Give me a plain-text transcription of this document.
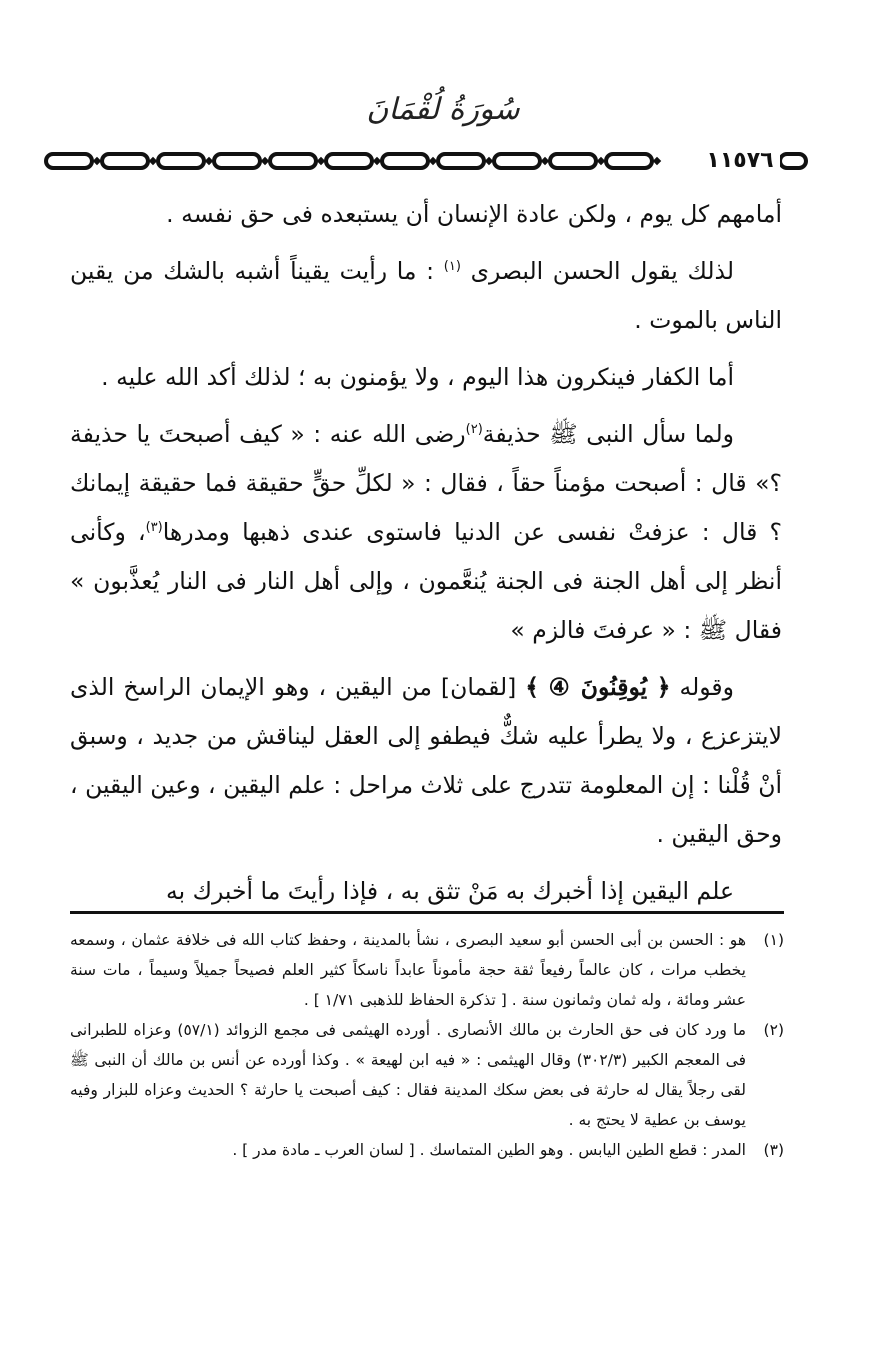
سُورَةُ لُقْمَانَ
١١٥٧٦

أمامهم كل يوم ، ولكن عادة الإنسان أن يستبعده فى حق نفسه .

لذلك يقول الحسن البصرى $^{(١)}$ : ما رأيت يقيناً أشبه بالشك من يقين الناس بالموت .

أما الكفار فينكرون هذا اليوم ، ولا يؤمنون به ؛ لذلك أكد الله عليه .

ولما سأل النبى ﷺ حذيفة$^{(٢)}$رضى الله عنه : « كيف أصبحتَ يا حذيفة ؟» قال : أصبحت مؤمناً حقاً ، فقال : « لكلِّ حقٍّ حقيقة فما حقيقة إيمانك ؟ قال : عزفتْ نفسى عن الدنيا فاستوى عندى ذهبها ومدرها$^{(٣)}$، وكأنى أنظر إلى أهل الجنة فى الجنة يُنعَّمون ، وإلى أهل النار فى النار يُعذَّبون » فقال ﷺ : « عرفتَ فالزم »

وقوله ﴿ يُوقِنُونَ ④ ﴾ [لقمان] من اليقين ، وهو الإيمان الراسخ الذى لايتزعزع ، ولا يطرأ عليه شكٌّ فيطفو إلى العقل ليناقش من جديد ، وسبق أنْ قُلْنا : إن المعلومة تتدرج على ثلاث مراحل : علم اليقين ، وعين اليقين ، وحق اليقين .

علم اليقين إذا أخبرك به مَنْ تثق به ، فإذا رأيتَ ما أخبرك به

(١)
هو : الحسن بن أبى الحسن أبو سعيد البصرى ، نشأ بالمدينة ، وحفظ كتاب الله فى خلافة عثمان ، وسمعه يخطب مرات ، كان عالماً رفيعاً ثقة حجة مأموناً عابداً ناسكاً كثير العلم فصيحاً جميلاً وسيماً ، مات سنة عشر ومائة ، وله ثمان وثمانون سنة . [ تذكرة الحفاظ للذهبى ١/٧١ ] .
(٢)
ما ورد كان فى حق الحارث بن مالك الأنصارى . أورده الهيثمى فى مجمع الزوائد (٥٧/١) وعزاه للطبرانى فى المعجم الكبير (٣٠٢/٣) وقال الهيثمى : « فيه ابن لهيعة » . وكذا أورده عن أنس بن مالك أن النبى ﷺ لقى رجلاً يقال له حارثة فى بعض سكك المدينة فقال : كيف أصبحت يا حارثة ؟ الحديث وعزاه للبزار وفيه يوسف بن عطية لا يحتج به .
(٣)
المدر : قطع الطين اليابس . وهو الطين المتماسك . [ لسان العرب ـ مادة مدر ] .
